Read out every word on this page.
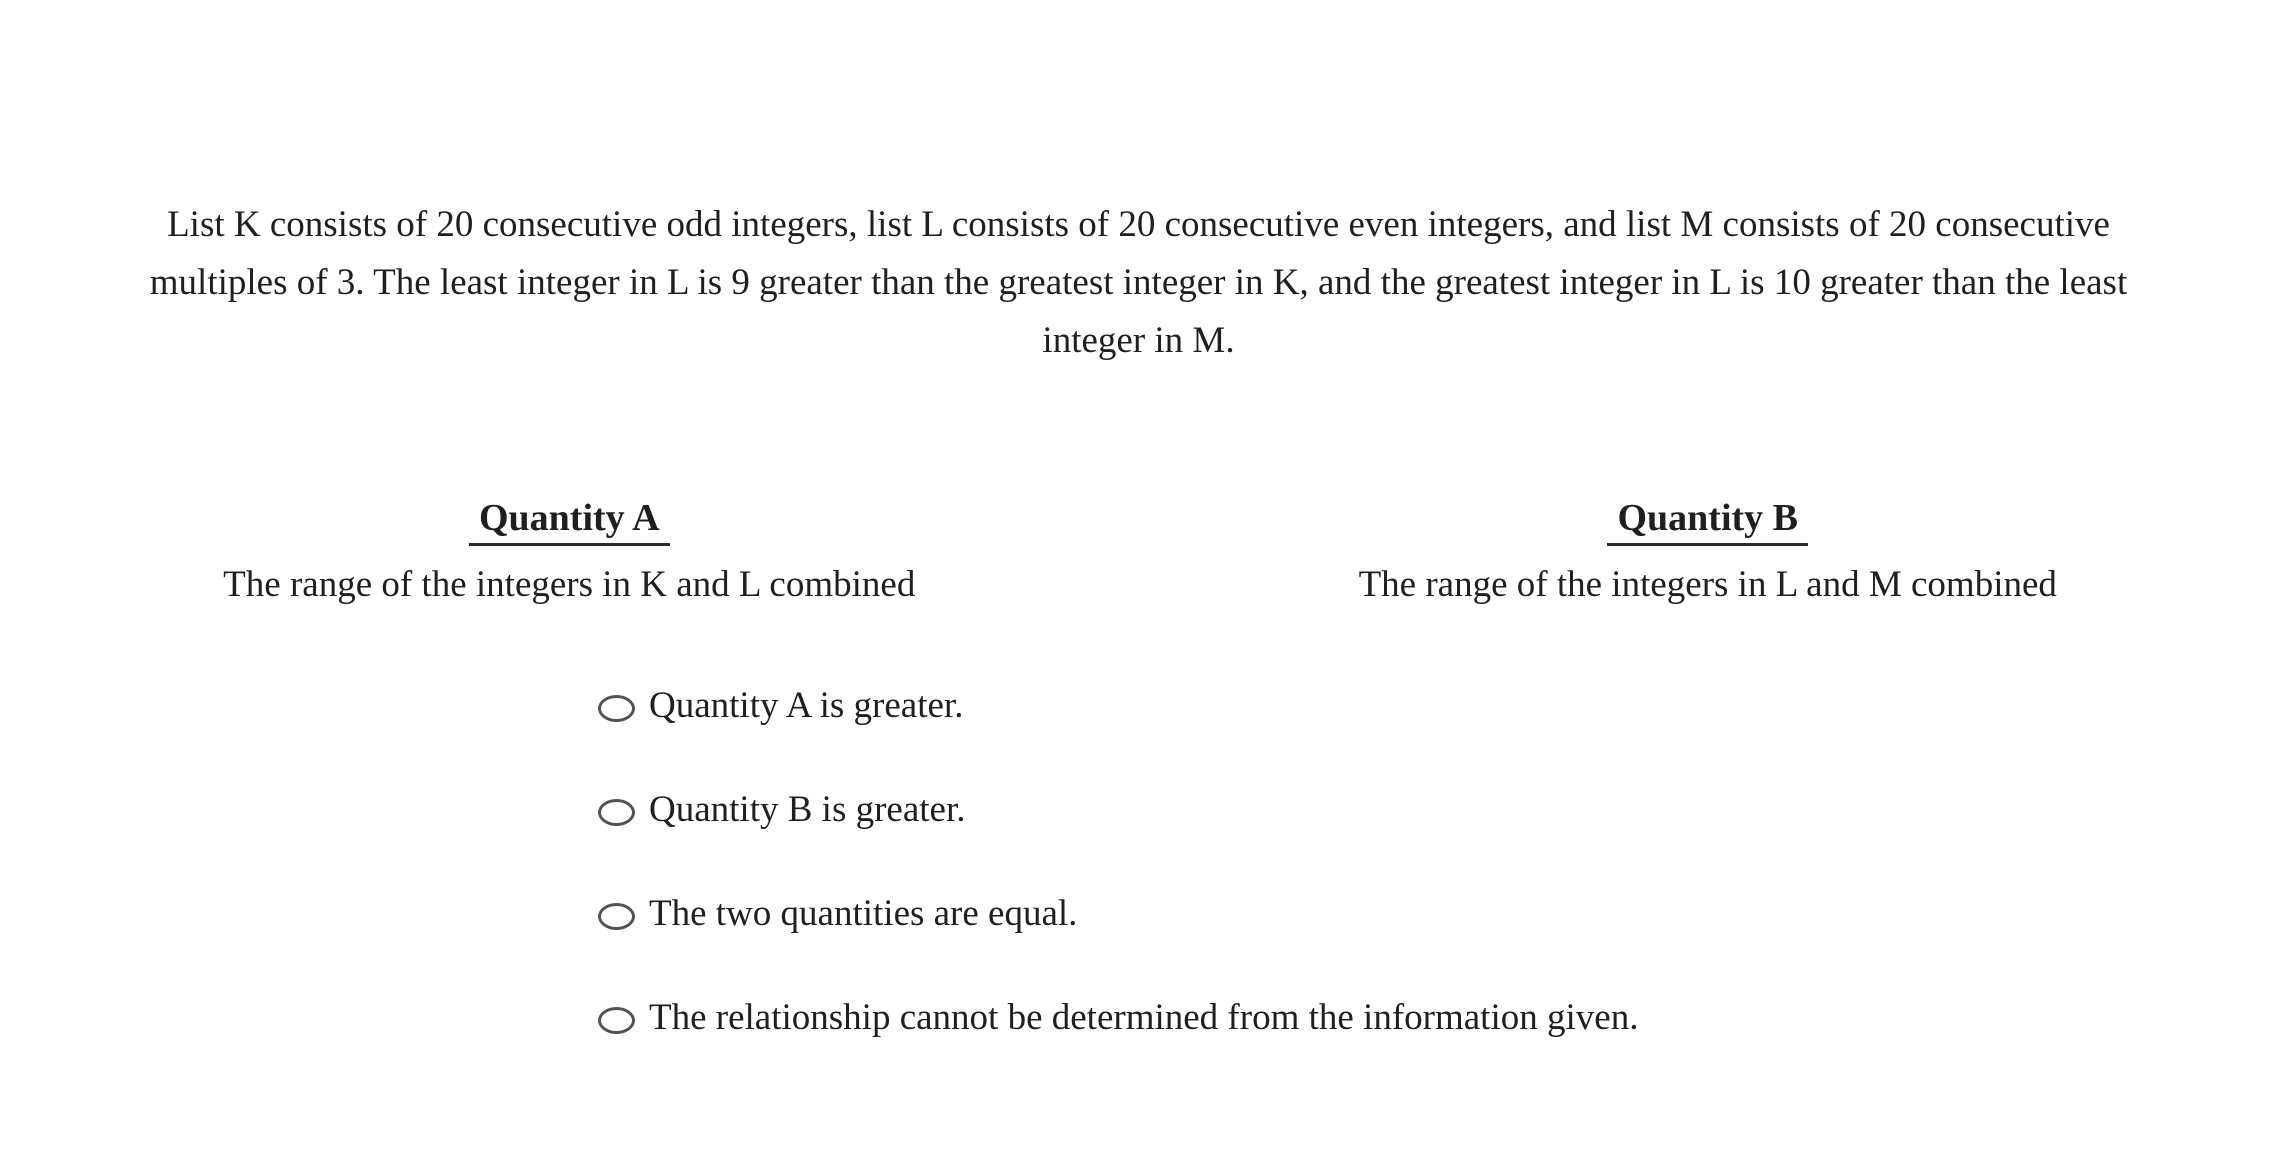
List K consists of 20 consecutive odd integers, list L consists of 20 consecutive even integers, and list M consists of 20 consecutive
multiples of 3. The least integer in L is 9 greater than the greatest integer in K, and the greatest integer in L is 10 greater than the least
integer in M.
Quantity A
The range of the integers in K and L combined
Quantity B
The range of the integers in L and M combined
Quantity A is greater.
Quantity B is greater.
The two quantities are equal.
The relationship cannot be determined from the information given.
